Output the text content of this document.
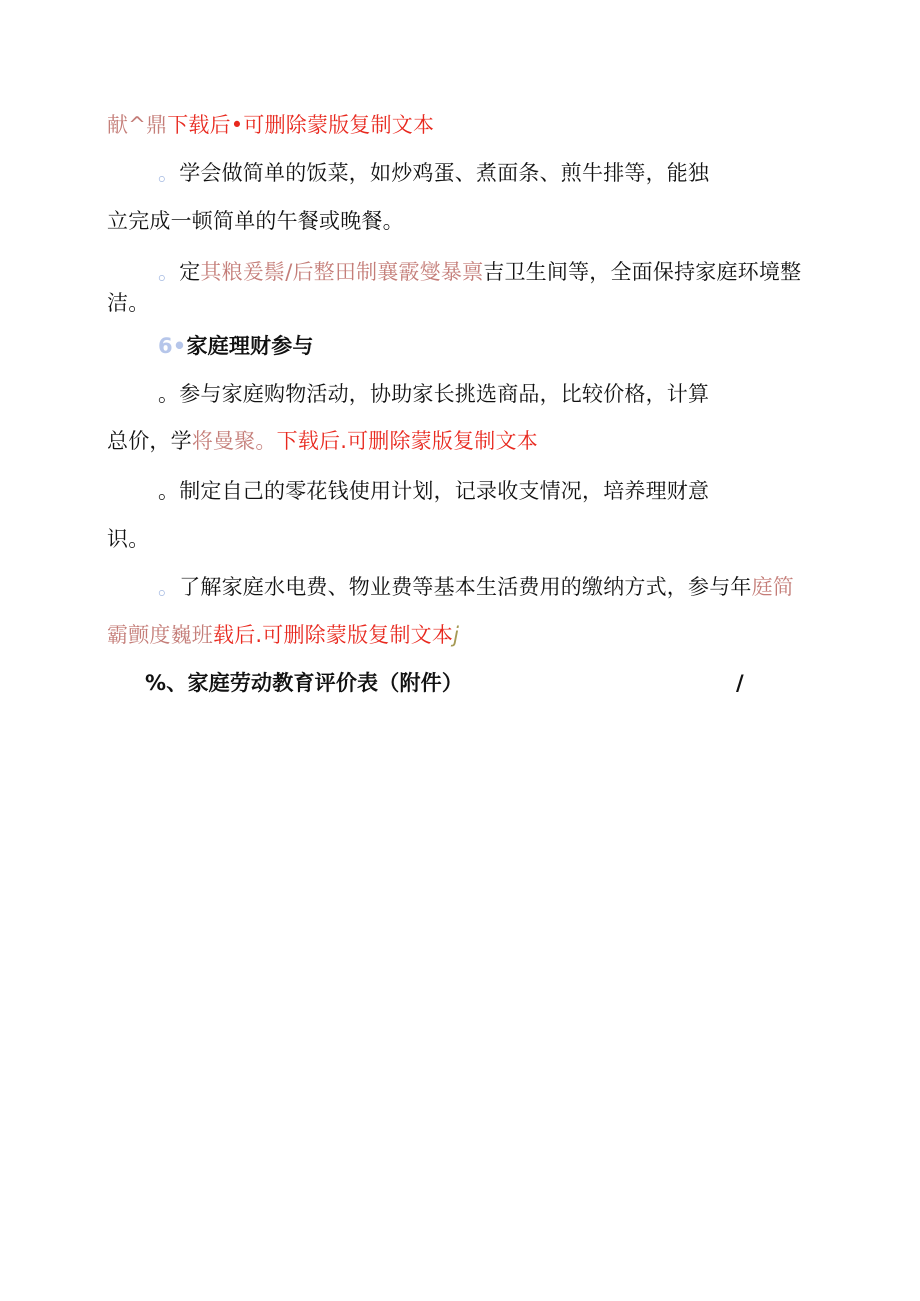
献^鼎下载后•可删除蒙版复制文本
。学会做简单的饭菜，如炒鸡蛋、煮面条、煎牛排等，能独
立完成一顿简单的午餐或晚餐。
。定其粮爰鬃/后整田制襄霰燮暴禀吉卫生间等，全面保持家庭环境整
洁。
6•家庭理财参与
。参与家庭购物活动，协助家长挑选商品，比较价格，计算
总价，学将曼聚。下载后.可删除蒙版复制文本
。制定自己的零花钱使用计划，记录收支情况，培养理财意
识。
。了解家庭水电费、物业费等基本生活费用的缴纳方式，参与年庭简
霸颤度巍班载后.可删除蒙版复制文本j
%、家庭劳动教育评价表（附件）	/
